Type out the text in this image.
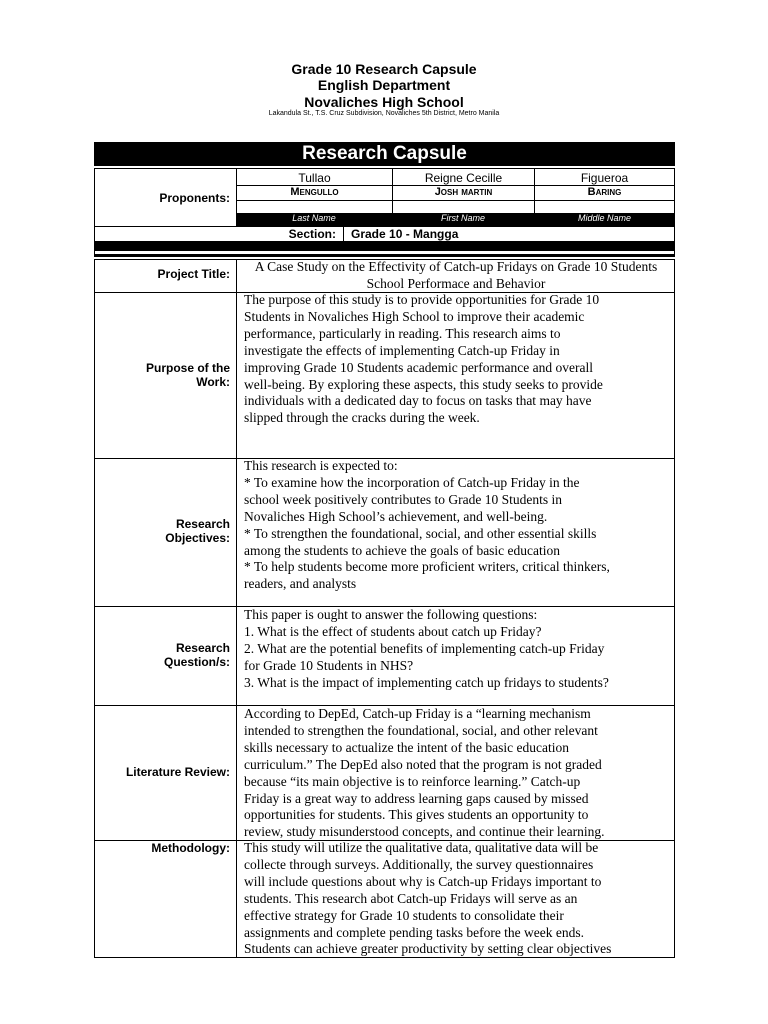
Grade 10 Research Capsule
English Department
Novaliches High School
Lakandula St., T.S. Cruz Subdivision, Novaliches 5th District, Metro Manila
Research Capsule
Proponents:
Tullao	Reigne Cecille	Figueroa
Mengullo	Josh martin	Baring
Last Name	First Name	Middle Name
Section: Grade 10 - Mangga
Project Title:	A Case Study on the Effectivity of Catch-up Fridays on Grade 10 Students School Performace and Behavior
Purpose of the
Work:
The purpose of this study is to provide opportunities for Grade 10
Students in Novaliches High School to improve their academic
performance, particularly in reading. This research aims to
investigate the effects of implementing Catch-up Friday in
improving Grade 10 Students academic performance and overall
well-being. By exploring these aspects, this study seeks to provide
individuals with a dedicated day to focus on tasks that may have
slipped through the cracks during the week.
Research
Objectives:
This research is expected to:
* To examine how the incorporation of Catch-up Friday in the
school week positively contributes to Grade 10 Students in
Novaliches High School’s achievement, and well-being.
* To strengthen the foundational, social, and other essential skills
among the students to achieve the goals of basic education
* To help students become more proficient writers, critical thinkers,
readers, and analysts
Research
Question/s:
This paper is ought to answer the following questions:
1. What is the effect of students about catch up Friday?
2. What are the potential benefits of implementing catch-up Friday
for Grade 10 Students in NHS?
3. What is the impact of implementing catch up fridays to students?
Literature Review:
According to DepEd, Catch-up Friday is a “learning mechanism
intended to strengthen the foundational, social, and other relevant
skills necessary to actualize the intent of the basic education
curriculum.” The DepEd also noted that the program is not graded
because “its main objective is to reinforce learning.” Catch-up
Friday is a great way to address learning gaps caused by missed
opportunities for students. This gives students an opportunity to
review, study misunderstood concepts, and continue their learning.
Methodology: This study will utilize the qualitative data, qualitative data will be
collecte through surveys. Additionally, the survey questionnaires
will include questions about why is Catch-up Fridays important to
students. This research abot Catch-up Fridays will serve as an
effective strategy for Grade 10 students to consolidate their
assignments and complete pending tasks before the week ends.
Students can achieve greater productivity by setting clear objectives
